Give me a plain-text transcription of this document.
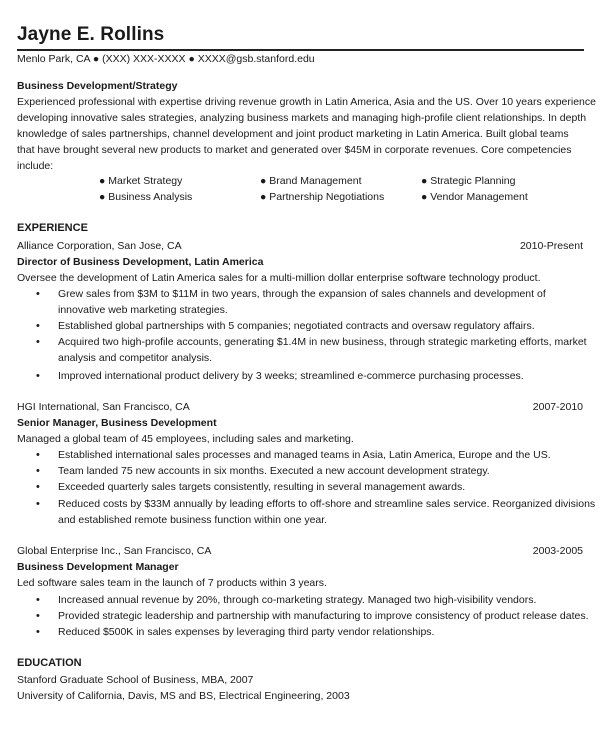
Jayne E. Rollins
Menlo Park, CA ● (XXX) XXX-XXXX ● XXXX@gsb.stanford.edu
Business Development/Strategy
Experienced professional with expertise driving revenue growth in Latin America, Asia and the US. Over 10 years experience
developing innovative sales strategies, analyzing business markets and managing high-profile client relationships. In depth
knowledge of sales partnerships, channel development and joint product marketing in Latin America. Built global teams
that have brought several new products to market and generated over $45M in corporate revenues. Core competencies
include:
● Market Strategy	● Brand Management	● Strategic Planning
● Business Analysis	● Partnership Negotiations	● Vendor Management
EXPERIENCE
Alliance Corporation, San Jose, CA	2010-Present
Director of Business Development, Latin America
Oversee the development of Latin America sales for a multi-million dollar enterprise software technology product.
• Grew sales from $3M to $11M in two years, through the expansion of sales channels and development of
innovative web marketing strategies.
• Established global partnerships with 5 companies; negotiated contracts and oversaw regulatory affairs.
• Acquired two high-profile accounts, generating $1.4M in new business, through strategic marketing efforts, market
analysis and competitor analysis.
• Improved international product delivery by 3 weeks; streamlined e-commerce purchasing processes.
HGI International, San Francisco, CA	2007-2010
Senior Manager, Business Development
Managed a global team of 45 employees, including sales and marketing.
• Established international sales processes and managed teams in Asia, Latin America, Europe and the US.
• Team landed 75 new accounts in six months. Executed a new account development strategy.
• Exceeded quarterly sales targets consistently, resulting in several management awards.
• Reduced costs by $33M annually by leading efforts to off-shore and streamline sales service. Reorganized divisions
and established remote business function within one year.
Global Enterprise Inc., San Francisco, CA	2003-2005
Business Development Manager
Led software sales team in the launch of 7 products within 3 years.
• Increased annual revenue by 20%, through co-marketing strategy. Managed two high-visibility vendors.
• Provided strategic leadership and partnership with manufacturing to improve consistency of product release dates.
• Reduced $500K in sales expenses by leveraging third party vendor relationships.
EDUCATION
Stanford Graduate School of Business, MBA, 2007
University of California, Davis, MS and BS, Electrical Engineering, 2003
